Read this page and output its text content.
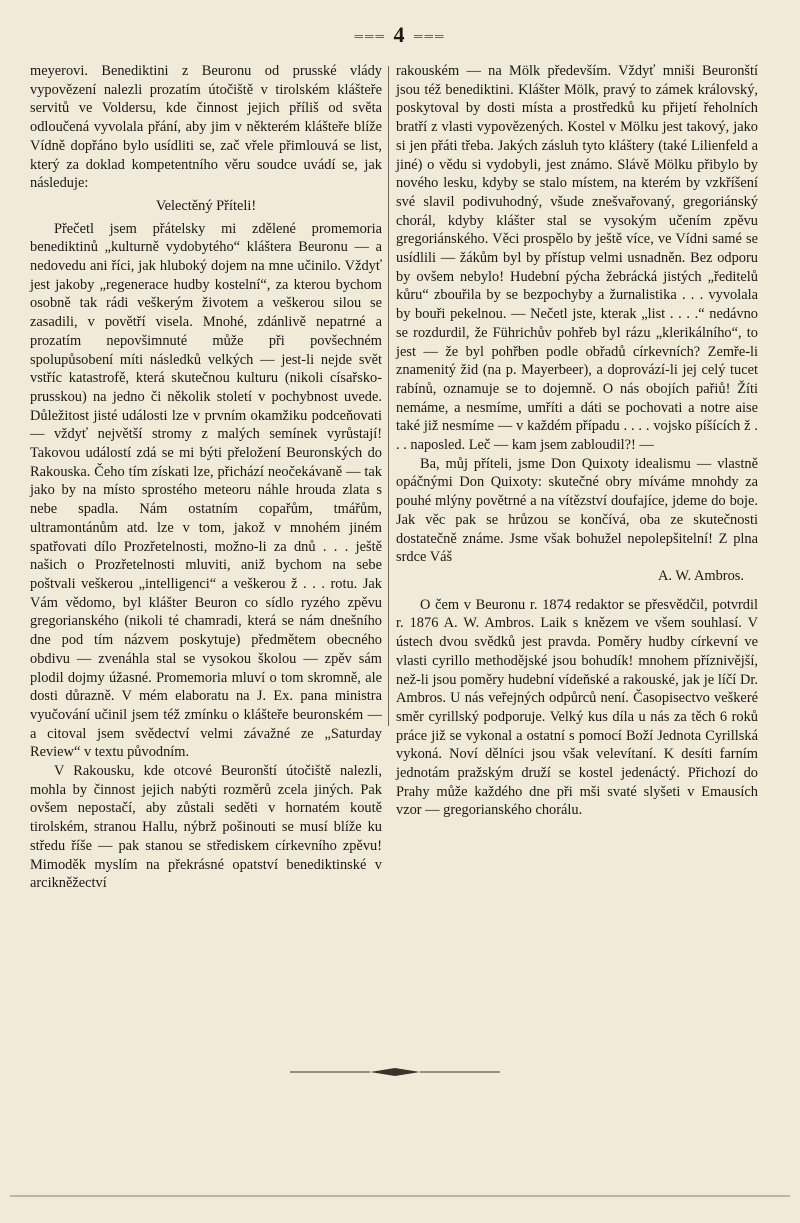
═══ 4 ═══

meyerovi. Benediktini z Beuronu od prusské vlády vypovězení nalezli prozatím útočiště v tirolském klášteře servitů ve Voldersu, kde činnost jejich příliš od světa odloučená vyvolala přání, aby jim v některém klášteře blíže Vídně dopřáno bylo usídliti se, zač vřele přimlouvá se list, který za doklad kompetentního věru soudce uvádí se, jak následuje:

Velectěný Příteli!

Přečetl jsem přátelsky mi zdělené promemoria benediktinů „kulturně vydobytého“ kláštera Beuronu — a nedovedu ani říci, jak hluboký dojem na mne učinilo. Vždyť jest jakoby „regenerace hudby kostelní“, za kterou bychom osobně tak rádi veškerým životem a veškerou silou se zasadili, v povětří visela. Mnohé, zdánlivě nepatrné a prozatím nepovšimnuté může při povšechném spolupůsobení míti následků velkých — jest-li nejde svět vstříc katastrofě, která skutečnou kulturu (nikoli císařsko-prusskou) na jedno či několik století v pochybnost uvede. Důležitost jisté události lze v prvním okamžiku podceňovati — vždyť největší stromy z malých semínek vyrůstají! Takovou událostí zdá se mi býti přeložení Beuronských do Rakouska. Čeho tím získati lze, přichází neočekávaně — tak jako by na místo sprostého meteoru náhle hrouda zlata s nebe spadla. Nám ostatním copařům, tmářům, ultramontánům atd. lze v tom, jakož v mnohém jiném spatřovati dílo Prozřetelnosti, možno-li za dnů . . . ještě našich o Prozřetelnosti mluviti, aniž bychom na sebe poštvali veškerou „intelligenci“ a veškerou ž . . . rotu. Jak Vám vědomo, byl klášter Beuron co sídlo ryzého zpěvu gregorianského (nikoli té chamradi, která se nám dnešního dne pod tím názvem poskytuje) předmětem obecného obdivu — zvenáhla stal se vysokou školou — zpěv sám plodil dojmy úžasné. Promemoria mluví o tom skromně, ale dosti důrazně. V mém elaboratu na J. Ex. pana ministra vyučování učinil jsem též zmínku o klášteře beuronském — a citoval jsem svědectví velmi závažné ze „Saturday Review“ v textu původním.

V Rakousku, kde otcové Beuronští útočiště nalezli, mohla by činnost jejich nabýti rozměrů zcela jiných. Pak ovšem nepostačí, aby zůstali seděti v hornatém koutě tirolském, stranou Hallu, nýbrž pošinouti se musí blíže ku středu říše — pak stanou se střediskem církevního zpěvu! Mimoděk myslím na překrásné opatství benediktinské v arcikněžectví

rakouském — na Mölk především. Vždyť mniši Beuronští jsou též benediktini. Klášter Mölk, pravý to zámek královský, poskytoval by dosti místa a prostředků ku přijetí řeholních bratří z vlasti vypovězených. Kostel v Mölku jest takový, jako si jen přáti třeba. Jakých zásluh tyto kláštery (také Lilienfeld a jiné) o vědu si vydobyli, jest známo. Slávě Mölku přibylo by nového lesku, kdyby se stalo místem, na kterém by vzkříšení své slavil podivuhodný, všude znešvařovaný, gregoriánský chorál, kdyby klášter stal se vysokým učením zpěvu gregoriánského. Věci prospělo by ještě více, ve Vídni samé se usídlili — žákům byl by přístup velmi usnadněn. Bez odporu by ovšem nebylo! Hudební pýcha žebrácká jistých „ředitelů kůru“ zbouřila by se bezpochyby a žurnalistika . . . vyvolala by bouři pekelnou. — Nečetl jste, kterak „list . . . .“ nedávno se rozdurdil, že Führichův pohřeb byl rázu „klerikálního“, to jest — že byl pohřben podle obřadů církevních? Zemře-li znamenitý žid (na p. Mayerbeer), a doprovází-li jej celý tucet rabínů, oznamuje se to dojemně. O nás obojích pařiů! Žíti nemáme, a nesmíme, umříti a dáti se pochovati a notre aise také již nesmíme — v každém případu . . . . vojsko píšících ž . . . naposled. Leč — kam jsem zabloudil?! —

Ba, můj příteli, jsme Don Quixoty idealismu — vlastně opáčnými Don Quixoty: skutečné obry míváme mnohdy za pouhé mlýny povětrné a na vítězství doufajíce, jdeme do boje. Jak věc pak se hrůzou se končívá, oba ze skutečnosti dostatečně známe. Jsme však bohužel nepolepšitelní! Z plna srdce Váš

A. W. Ambros.

O čem v Beuronu r. 1874 redaktor se přesvědčil, potvrdil r. 1876 A. W. Ambros. Laik s knězem ve všem souhlasí. V ústech dvou svědků jest pravda. Poměry hudby církevní ve vlasti cyrillo methodějské jsou bohudík! mnohem příznivější, než-li jsou poměry hudební vídeňské a rakouské, jak je líčí Dr. Ambros. U nás veřejných odpůrců není. Časopisectvo veškeré směr cyrillský podporuje. Velký kus díla u nás za těch 6 roků práce již se vykonal a ostatní s pomocí Boží Jednota Cyrillská vykoná. Noví dělníci jsou však velevítaní. K desíti farním jednotám pražským druží se kostel jedenáctý. Přichozí do Prahy může každého dne při mši svaté slyšeti v Emausích vzor — gregorianského chorálu.
